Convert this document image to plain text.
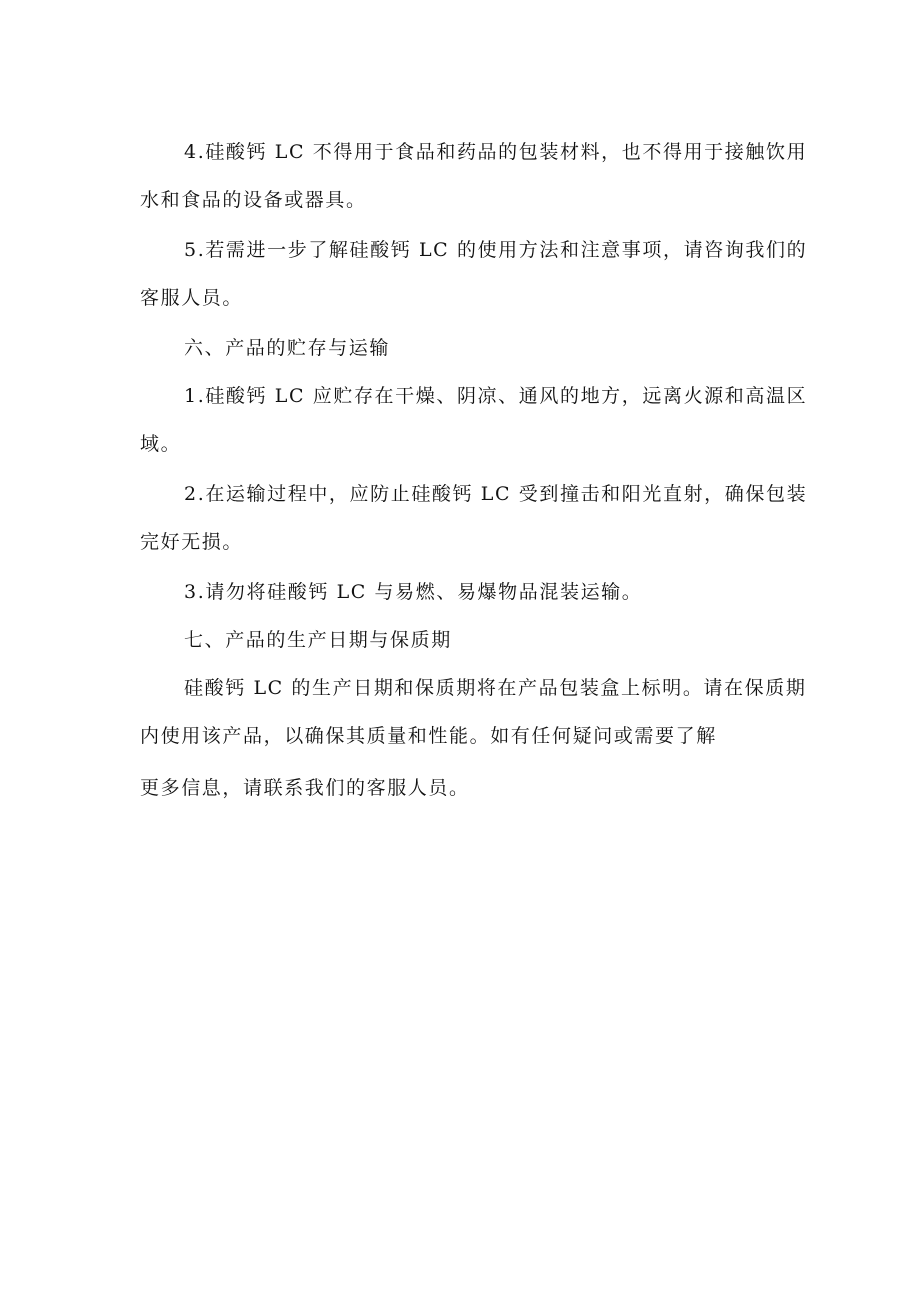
4.硅酸钙 LC 不得用于食品和药品的包装材料，也不得用于接触饮用
水和食品的设备或器具。
5.若需进一步了解硅酸钙 LC 的使用方法和注意事项，请咨询我们的
客服人员。
六、产品的贮存与运输
1.硅酸钙 LC 应贮存在干燥、阴凉、通风的地方，远离火源和高温区
域。
2.在运输过程中，应防止硅酸钙 LC 受到撞击和阳光直射，确保包装
完好无损。
3.请勿将硅酸钙 LC 与易燃、易爆物品混装运输。
七、产品的生产日期与保质期
硅酸钙 LC 的生产日期和保质期将在产品包装盒上标明。请在保质期
内使用该产品，以确保其质量和性能。如有任何疑问或需要了解
更多信息，请联系我们的客服人员。
